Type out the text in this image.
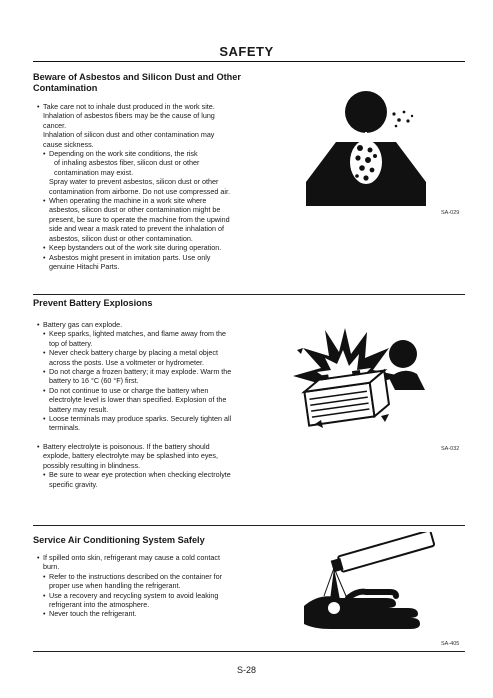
SAFETY
Beware of Asbestos and Silicon Dust and Other
Contamination

• Take care not to inhale dust produced in the work site.

Inhalation of asbestos fibers may be the cause of lung

cancer.

Inhalation of silicon dust and other contamination may

cause sickness.

• Depending on the work site conditions, the risk

of inhaling asbestos fiber, silicon dust or other

contamination may exist.

Spray water to prevent asbestos, silicon dust or other

contamination from airborne. Do not use compressed air.

• When operating the machine in a work site where

asbestos, silicon dust or other contamination might be

present, be sure to operate the machine from the upwind

side and wear a mask rated to prevent the inhalation of

asbestos, silicon dust or other contamination.

• Keep bystanders out of the work site during operation.

• Asbestos might present in imitation parts. Use only

genuine Hitachi Parts.

SA-029
Prevent Battery Explosions

• Battery gas can explode.

• Keep sparks, lighted matches, and flame away from the

top of battery.

• Never check battery charge by placing a metal object

across the posts. Use a voltmeter or hydrometer.

• Do not charge a frozen battery; it may explode. Warm the

battery to 16 °C (60 °F) first.

• Do not continue to use or charge the battery when

electrolyte level is lower than specified. Explosion of the

battery may result.

• Loose terminals may produce sparks. Securely tighten all

terminals.

• Battery electrolyte is poisonous. If the battery should

explode, battery electrolyte may be splashed into eyes,

possibly resulting in blindness.

• Be sure to wear eye protection when checking electrolyte

specific gravity.

SA-032
Service Air Conditioning System Safely

• If spilled onto skin, refrigerant may cause a cold contact

burn.

• Refer to the instructions described on the container for

proper use when handling the refrigerant.

• Use a recovery and recycling system to avoid leaking

refrigerant into the atmosphere.

• Never touch the refrigerant.

SA-405
S-28
